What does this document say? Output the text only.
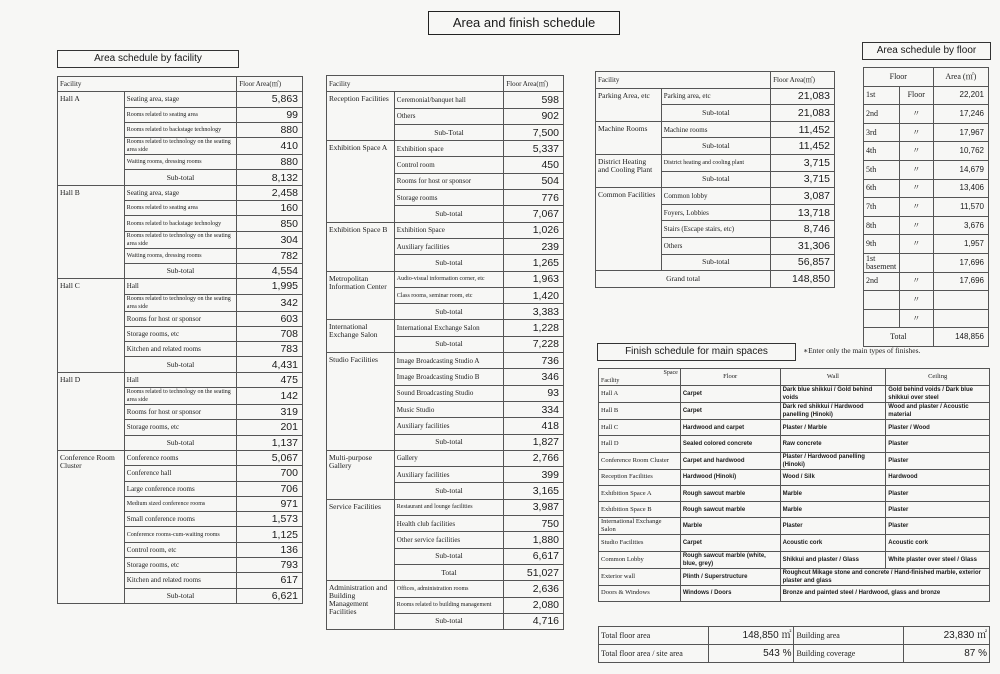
Area and finish schedule
Area schedule by facility
Area schedule by floor
Finish schedule for main spaces	∗Enter only the main types of finishes.
Facility		Floor Area(㎡)
Hall A	Seating area, stage	5,863
	Rooms related to seating area	99
	Rooms related to backstage technology	880
	Rooms related to technology on the seating area side	410
	Waiting rooms, dressing rooms	880
	Sub-total	8,132
Hall B	Seating area, stage	2,458
	Rooms related to seating area	160
	Rooms related to backstage technology	850
	Rooms related to technology on the seating area side	304
	Waiting rooms, dressing rooms	782
	Sub-total	4,554
Hall C	Hall	1,995
	Rooms related to technology on the seating area side	342
	Rooms for host or sponsor	603
	Storage rooms, etc	708
	Kitchen and related rooms	783
	Sub-total	4,431
Hall D	Hall	475
	Rooms related to technology on the seating area side	142
	Rooms for host or sponsor	319
	Storage rooms, etc	201
	Sub-total	1,137
Conference Room Cluster	Conference rooms	5,067
	Conference hall	700
	Large conference rooms	706
	Medium sized conference rooms	971
	Small conference rooms	1,573
	Conference rooms-cum-waiting rooms	1,125
	Control room, etc	136
	Storage rooms, etc	793
	Kitchen and related rooms	617
	Sub-total	6,621
Facility		Floor Area(㎡)
Reception Facilities	Ceremonial/banquet hall	598
	Others	902
	Sub-Total	7,500
Exhibition Space A	Exhibition space	5,337
	Control room	450
	Rooms for host or sponsor	504
	Storage rooms	776
	Sub-total	7,067
Exhibition Space B	Exhibition Space	1,026
	Auxiliary facilities	239
	Sub-total	1,265
Metropolitan Information Center	Audio-visual information corner, etc	1,963
	Class rooms, seminar room, etc	1,420
	Sub-total	3,383
International Exchange Salon	International Exchange Salon	1,228
	Sub-total	7,228
Studio Facilities	Image Broadcasting Studio A	736
	Image Broadcasting Studio B	346
	Sound Broadcasting Studio	93
	Music Studio	334
	Auxiliary facilities	418
	Sub-total	1,827
Multi-purpose Gallery	Gallery	2,766
	Auxiliary facilities	399
	Sub-total	3,165
Service Facilities	Restaurant and lounge facilities	3,987
	Health club facilities	750
	Other service facilities	1,880
	Sub-total	6,617
	Total	51,027
Administration and Building Management Facilities	Offices, administration rooms	2,636
	Rooms related to building management	2,080
	Sub-total	4,716
Facility		Floor Area(㎡)
Parking Area, etc	Parking area, etc	21,083
	Sub-total	21,083
Machine Rooms	Machine rooms	11,452
	Sub-total	11,452
District Heating and Cooling Plant	District heating and cooling plant	3,715
	Sub-total	3,715
Common Facilities	Common lobby	3,087
	Foyers, Lobbies	13,718
	Stairs (Escape stairs, etc)	8,746
	Others	31,306
	Sub-total	56,857
Grand total		148,850
Floor		Area (㎡)
1st	Floor	22,201
2nd	〃	17,246
3rd	〃	17,967
4th	〃	10,762
5th	〃	14,679
6th	〃	13,406
7th	〃	11,570
8th	〃	3,676
9th	〃	1,957
1st basement		17,696
2nd	〃	17,696
	〃	
	〃	
Total		148,856
Space
Facility	Floor	Wall	Ceiling
Hall A	Carpet	Dark blue shikkui / Gold behind voids	Gold behind voids / Dark blue shikkui over steel
Hall B	Carpet	Dark red shikkui / Hardwood panelling (Hinoki)	Wood and plaster / Acoustic material
Hall C	Hardwood and carpet	Plaster / Marble	Plaster / Wood
Hall D	Sealed colored concrete	Raw concrete	Plaster
Conference Room Cluster	Carpet and hardwood	Plaster / Hardwood panelling (Hinoki)	Plaster
Reception Facilities	Hardwood (Hinoki)	Wood / Silk	Hardwood
Exhibition Space A	Rough sawcut marble	Marble	Plaster
Exhibition Space B	Rough sawcut marble	Marble	Plaster
International Exchange Salon	Marble	Plaster	Plaster
Studio Facilities	Carpet	Acoustic cork	Acoustic cork
Common Lobby	Rough sawcut marble (white, blue, grey)	Shikkui and plaster / Glass	White plaster over steel / Glass
Exterior wall	Plinth / Superstructure	Roughcut Mikage stone and concrete / Hand-finished marble, exterior plaster and glass	
Doors & Windows	Windows / Doors	Bronze and painted steel / Hardwood, glass and bronze	
Total floor area	148,850 ㎡	Building area	23,830 ㎡
Total floor area / site area	543 %	Building coverage	87 %
